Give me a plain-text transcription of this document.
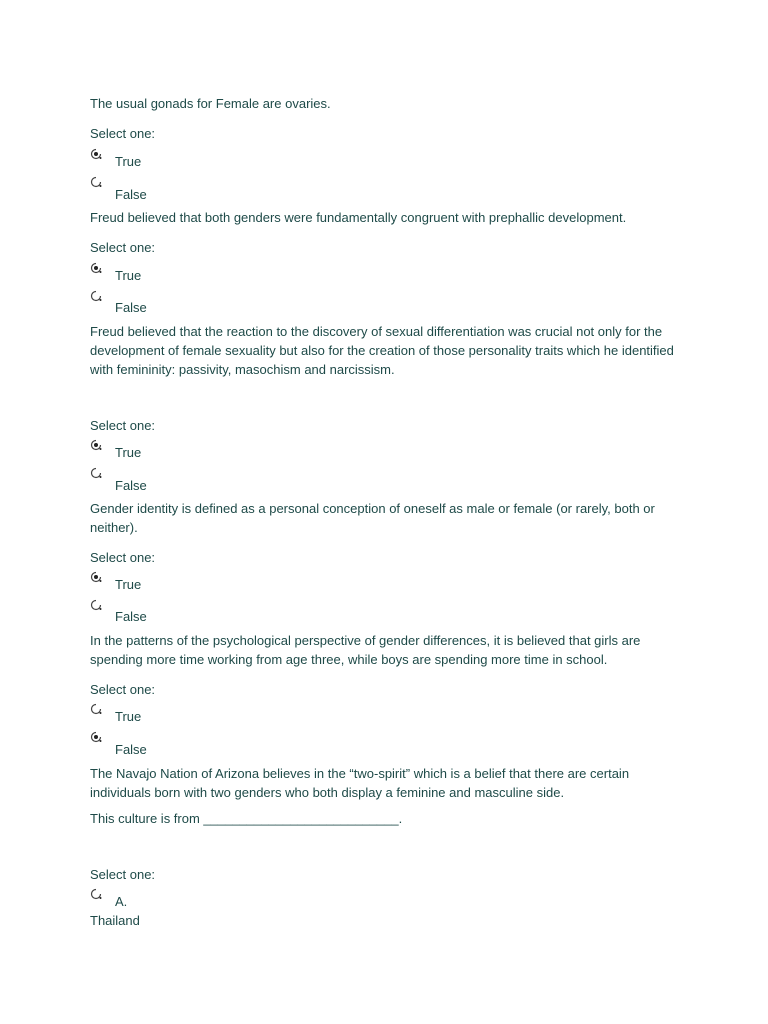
The usual gonads for Female are ovaries.
Select one:
True
False
Freud believed that both genders were fundamentally congruent with prephallic development.
Select one:
True
False
Freud believed that the reaction to the discovery of sexual differentiation was crucial not only for the development of female sexuality but also for the creation of those personality traits which he identified with femininity: passivity, masochism and narcissism.
Select one:
True
False
Gender identity is defined as a personal conception of oneself as male or female (or rarely, both or neither).
Select one:
True
False
In the patterns of the psychological perspective of gender differences, it is believed that girls are spending more time working from age three, while boys are spending more time in school.
Select one:
True
False
The Navajo Nation of Arizona believes in the “two-spirit” which is a belief that there are certain individuals born with two genders who both display a feminine and masculine side.
This culture is from ___________________________.
Select one:
A.
Thailand
